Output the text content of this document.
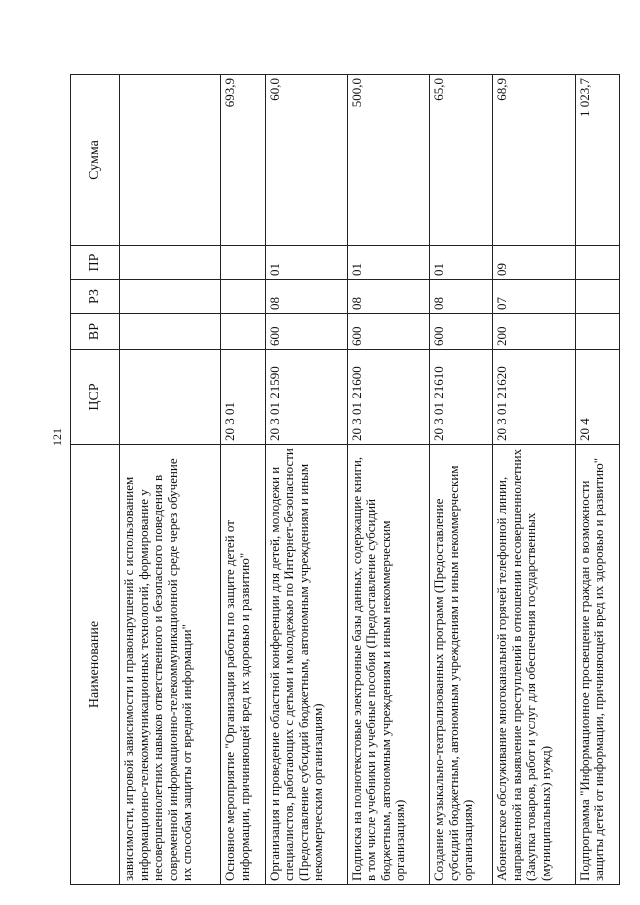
121
Наименование	ЦСР	ВР	РЗ	ПР	Сумма
зависимости, игровой зависимости и правонарушений с использованием информационно-телекоммуникационных технологий, формирование у несовершеннолетних навыков ответственного и безопасного поведения в современной информационно-телекоммуникационной среде через обучение их способам защиты от вредной информации"					
Основное мероприятие "Организация работы по защите детей от информации, причиняющей вред их здоровью и развитию"	20 3 01				693,9
Организация и проведение областной конференции для детей, молодежи и специалистов, работающих с детьми и молодежью по Интернет-безопасности (Предоставление субсидий бюджетным, автономным учреждениям и иным некоммерческим организациям)	20 3 01 21590	600	08	01	60,0
Подписка на полнотекстовые электронные базы данных, содержащие книги, в том числе учебники и учебные пособия (Предоставление субсидий бюджетным, автономным учреждениям и иным некоммерческим организациям)	20 3 01 21600	600	08	01	500,0
Создание музыкально-театрализованных программ (Предоставление субсидий бюджетным, автономным учреждениям и иным некоммерческим организациям)	20 3 01 21610	600	08	01	65,0
Абонентское обслуживание многоканальной горячей телефонной линии, направленной на выявление преступлений в отношении несовершеннолетних (Закупка товаров, работ и услуг для обеспечения государственных (муниципальных) нужд)	20 3 01 21620	200	07	09	68,9
Подпрограмма "Информационное просвещение граждан о возможности защиты детей от информации, причиняющей вред их здоровью и развитию"	20 4				1 023,7
